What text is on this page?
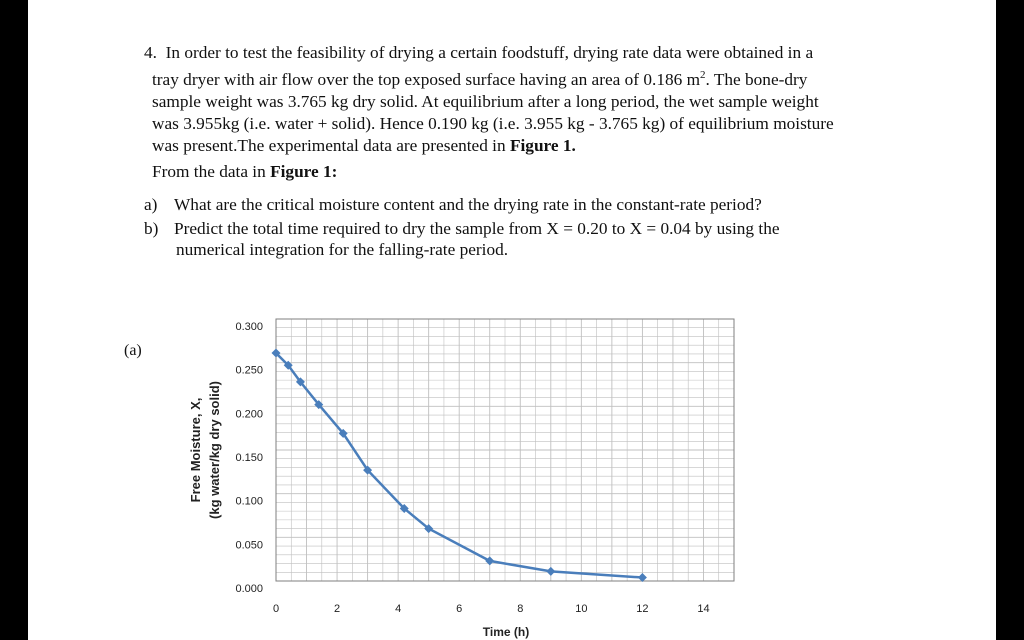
4. In order to test the feasibility of drying a certain foodstuff, drying rate data were obtained in a
tray dryer with air flow over the top exposed surface having an area of 0.186 $m^2$. The bone-dry
sample weight was 3.765 kg dry solid. At equilibrium after a long period, the wet sample weight
was 3.955kg (i.e. water + solid). Hence 0.190 kg (i.e. 3.955 kg - 3.765 kg) of equilibrium moisture
was present.The experimental data are presented in Figure 1.
From the data in Figure 1:
a) What are the critical moisture content and the drying rate in the constant-rate period?
b) Predict the total time required to dry the sample from X = 0.20 to X = 0.04 by using the
numerical integration for the falling-rate period.
(a)
0.000
0.050
0.100
0.150
0.200
0.250
0.300
0	2	4	6	8	10	12	14
Time (h)
Free Moisture, X, (kg water/kg dry solid)
